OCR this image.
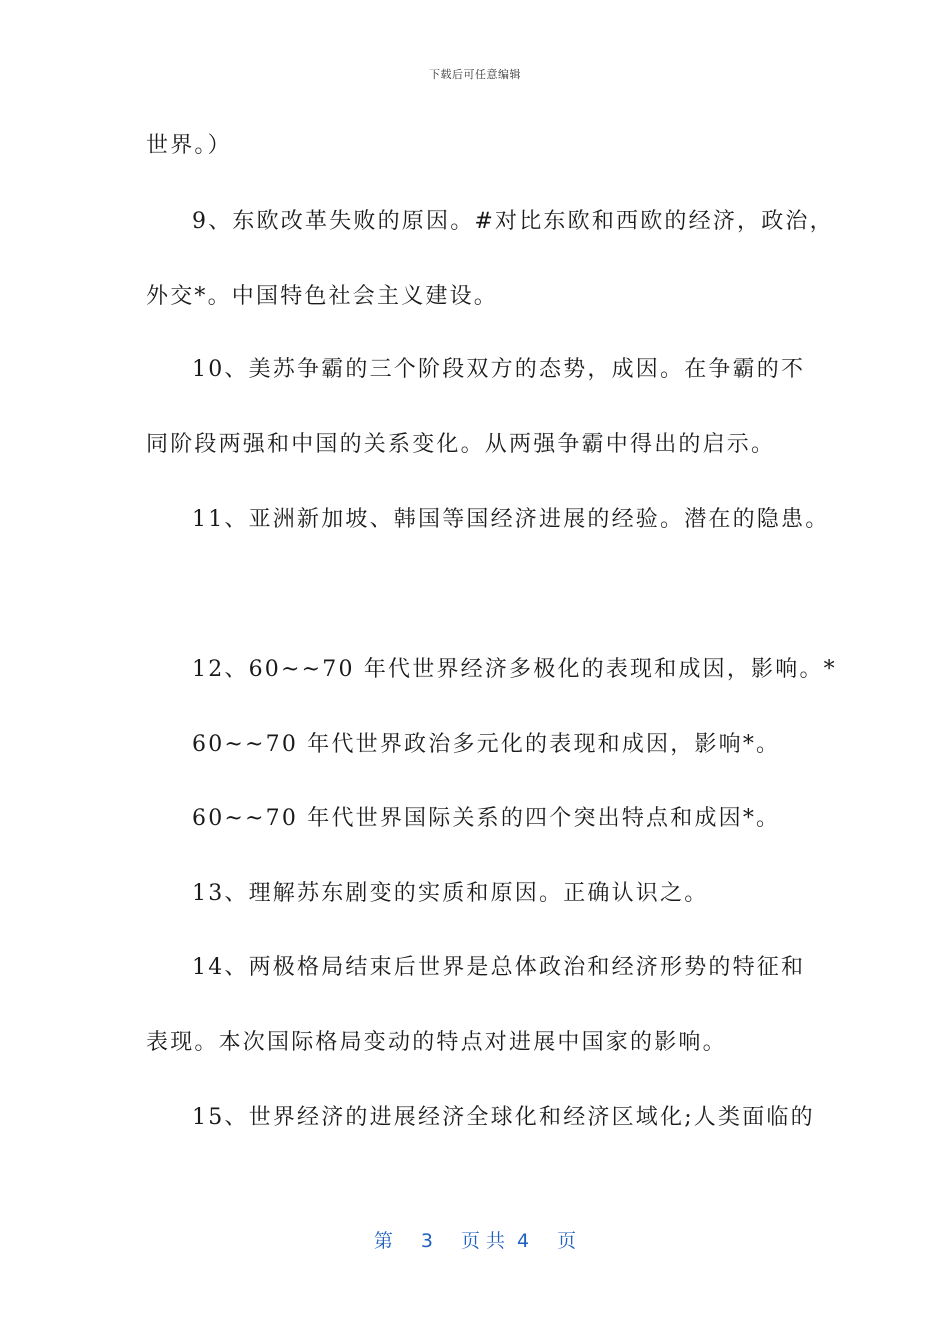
下载后可任意编辑
世界。）
9、东欧改革失败的原因。#对比东欧和西欧的经济，政治，
外交*。中国特色社会主义建设。
10、美苏争霸的三个阶段双方的态势，成因。在争霸的不
同阶段两强和中国的关系变化。从两强争霸中得出的启示。
11、亚洲新加坡、韩国等国经济进展的经验。潜在的隐患。
12、60~~70 年代世界经济多极化的表现和成因，影响。*
60~~70 年代世界政治多元化的表现和成因，影响*。
60~~70 年代世界国际关系的四个突出特点和成因*。
13、理解苏东剧变的实质和原因。正确认识之。
14、两极格局结束后世界是总体政治和经济形势的特征和
表现。本次国际格局变动的特点对进展中国家的影响。
15、世界经济的进展经济全球化和经济区域化;人类面临的
第 3 页 共 4 页
